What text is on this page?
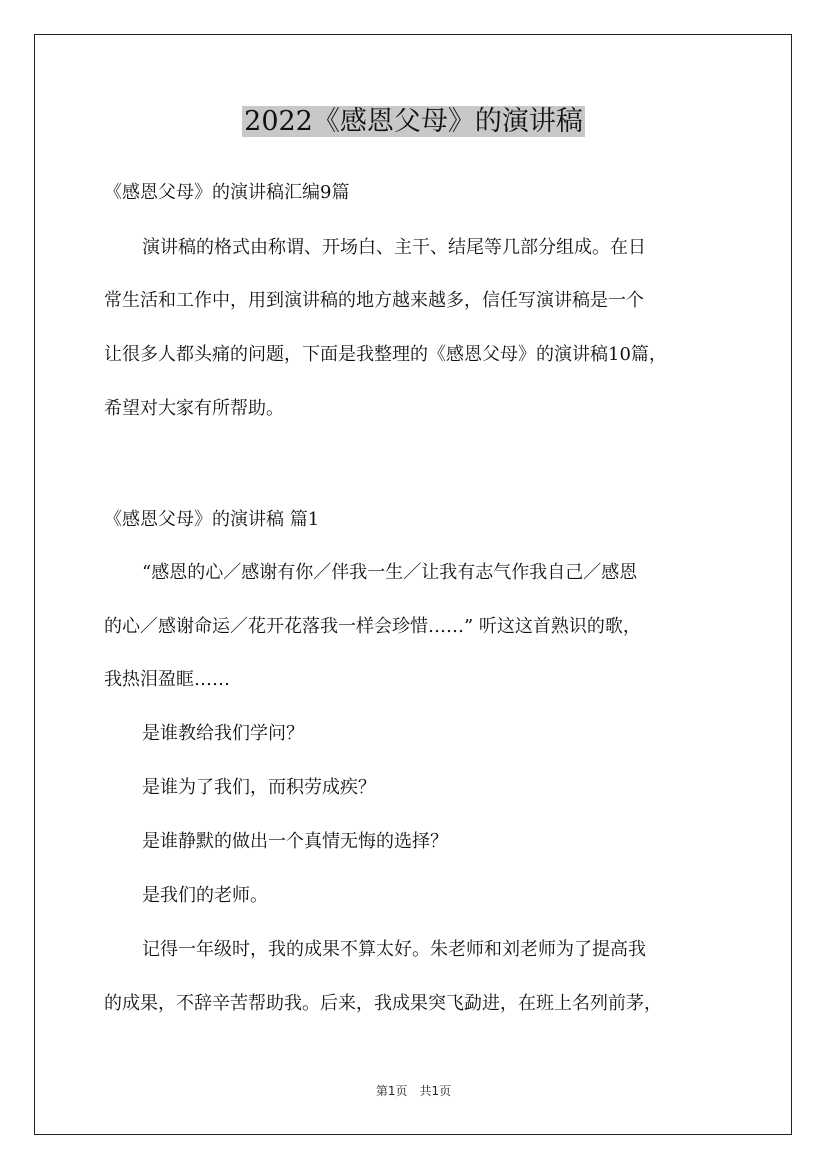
2022《感恩父母》的演讲稿

《感恩父母》的演讲稿汇编9篇

演讲稿的格式由称谓、开场白、主干、结尾等几部分组成。在日

常生活和工作中，用到演讲稿的地方越来越多，信任写演讲稿是一个

让很多人都头痛的问题，下面是我整理的《感恩父母》的演讲稿10篇，

希望对大家有所帮助。

《感恩父母》的演讲稿 篇1

“感恩的心／感谢有你／伴我一生／让我有志气作我自己／感恩

的心／感谢命运／花开花落我一样会珍惜……” 听这这首熟识的歌，

我热泪盈眶……

是谁教给我们学问？

是谁为了我们，而积劳成疾？

是谁静默的做出一个真情无悔的选择？

是我们的老师。

记得一年级时，我的成果不算太好。朱老师和刘老师为了提高我

的成果，不辞辛苦帮助我。后来，我成果突飞勐进，在班上名列前茅，

第1页　共1页
